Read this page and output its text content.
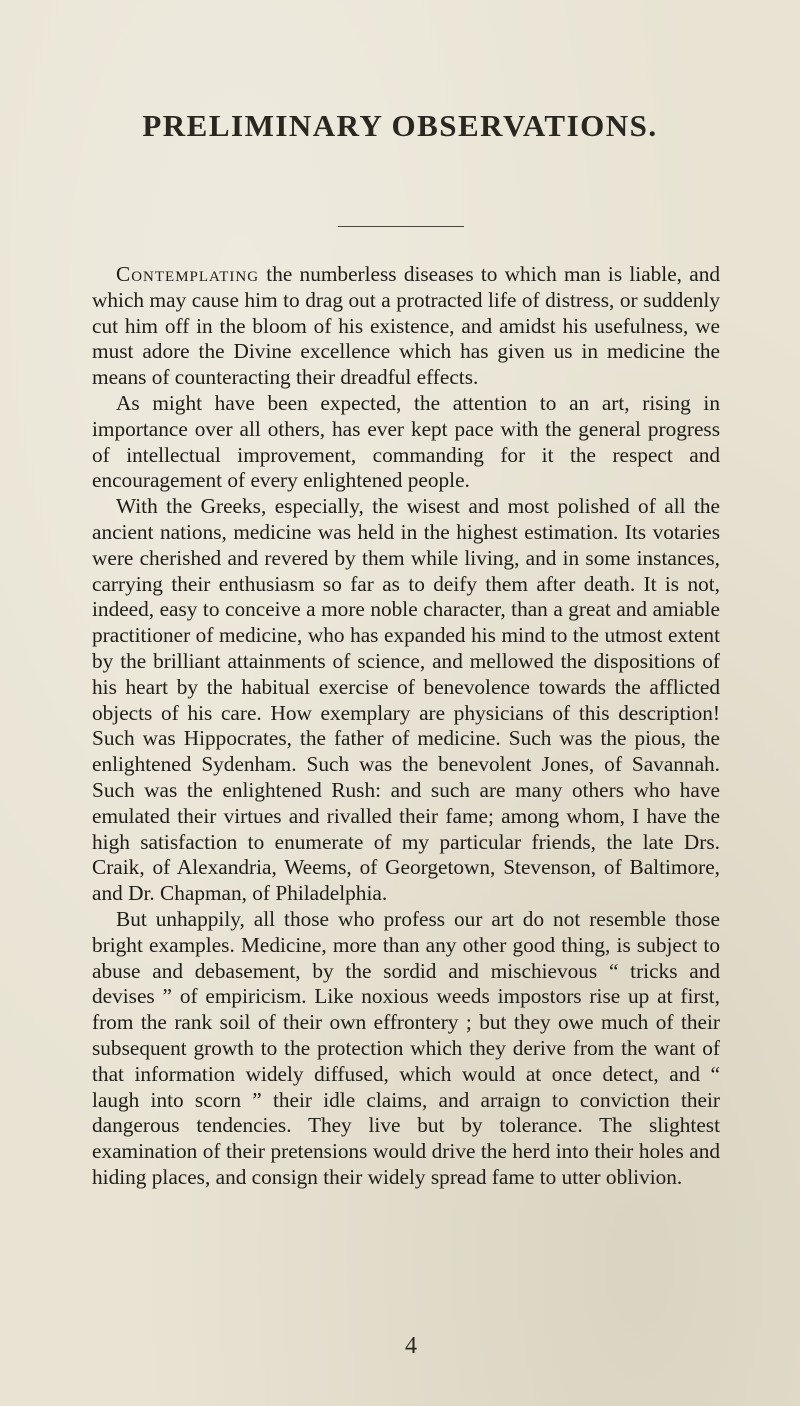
PRELIMINARY OBSERVATIONS.

Contemplating the numberless diseases to which man is liable, and which may cause him to drag out a protracted life of distress, or suddenly cut him off in the bloom of his existence, and amidst his usefulness, we must adore the Divine excellence which has given us in medicine the means of counteracting their dreadful effects.

As might have been expected, the attention to an art, rising in importance over all others, has ever kept pace with the general progress of intellectual improvement, commanding for it the respect and encouragement of every enlightened people.

With the Greeks, especially, the wisest and most polished of all the ancient nations, medicine was held in the highest estimation. Its votaries were cherished and revered by them while living, and in some instances, carrying their enthusiasm so far as to deify them after death. It is not, indeed, easy to conceive a more noble character, than a great and amiable practitioner of medicine, who has expanded his mind to the utmost extent by the brilliant attainments of science, and mellowed the dispositions of his heart by the habitual exercise of benevolence towards the afflicted objects of his care. How exemplary are physicians of this description! Such was Hippocrates, the father of medicine. Such was the pious, the enlightened Sydenham. Such was the benevolent Jones, of Savannah. Such was the enlightened Rush: and such are many others who have emulated their virtues and rivalled their fame; among whom, I have the high satisfaction to enumerate of my particular friends, the late Drs. Craik, of Alexandria, Weems, of Georgetown, Stevenson, of Baltimore, and Dr. Chapman, of Philadelphia.

But unhappily, all those who profess our art do not resemble those bright examples. Medicine, more than any other good thing, is subject to abuse and debasement, by the sordid and mischievous “ tricks and devises ” of empiricism. Like noxious weeds impostors rise up at first, from the rank soil of their own effrontery ; but they owe much of their subsequent growth to the protection which they derive from the want of that information widely diffused, which would at once detect, and “ laugh into scorn ” their idle claims, and arraign to conviction their dangerous tendencies. They live but by tolerance. The slightest examination of their pretensions would drive the herd into their holes and hiding places, and consign their widely spread fame to utter oblivion.

4
